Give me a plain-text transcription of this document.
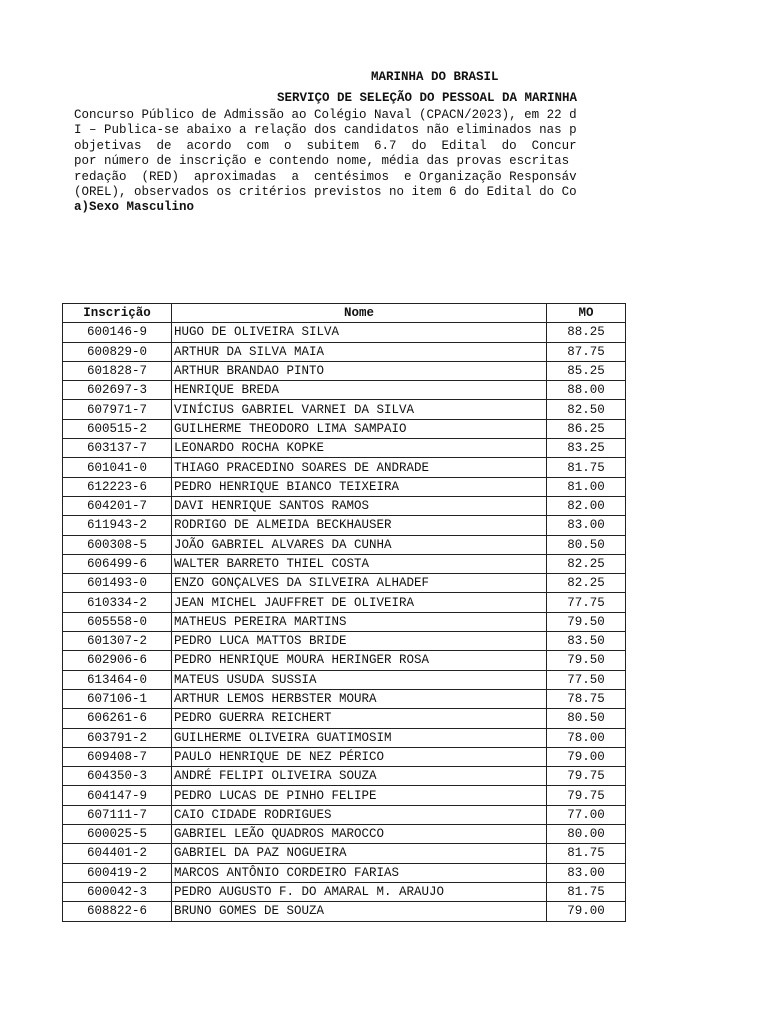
MARINHA DO BRASIL
SERVIÇO DE SELEÇÃO DO PESSOAL DA MARINHA
Concurso Público de Admissão ao Colégio Naval (CPACN/2023), em 22 d
I – Publica-se abaixo a relação dos candidatos não eliminados nas p
objetivas  de  acordo  com  o  subitem  6.7  do  Edital  do  Concur
por número de inscrição e contendo nome, média das provas escritas
redação  (RED)  aproximadas  a  centésimos  e Organização Responsáv
(OREL), observados os critérios previstos no item 6 do Edital do Co
a)Sexo Masculino
Inscrição	Nome	MO
600146-9	HUGO DE OLIVEIRA SILVA	88.25
600829-0	ARTHUR DA SILVA MAIA	87.75
601828-7	ARTHUR BRANDAO PINTO	85.25
602697-3	HENRIQUE BREDA	88.00
607971-7	VINÍCIUS GABRIEL VARNEI DA SILVA	82.50
600515-2	GUILHERME THEODORO LIMA SAMPAIO	86.25
603137-7	LEONARDO ROCHA KOPKE	83.25
601041-0	THIAGO PRACEDINO SOARES DE ANDRADE	81.75
612223-6	PEDRO HENRIQUE BIANCO TEIXEIRA	81.00
604201-7	DAVI HENRIQUE SANTOS RAMOS	82.00
611943-2	RODRIGO DE ALMEIDA BECKHAUSER	83.00
600308-5	JOÃO GABRIEL ALVARES DA CUNHA	80.50
606499-6	WALTER BARRETO THIEL COSTA	82.25
601493-0	ENZO GONÇALVES DA SILVEIRA ALHADEF	82.25
610334-2	JEAN MICHEL JAUFFRET DE OLIVEIRA	77.75
605558-0	MATHEUS PEREIRA MARTINS	79.50
601307-2	PEDRO LUCA MATTOS BRIDE	83.50
602906-6	PEDRO HENRIQUE MOURA HERINGER ROSA	79.50
613464-0	MATEUS USUDA SUSSIA	77.50
607106-1	ARTHUR LEMOS HERBSTER MOURA	78.75
606261-6	PEDRO GUERRA REICHERT	80.50
603791-2	GUILHERME OLIVEIRA GUATIMOSIM	78.00
609408-7	PAULO HENRIQUE DE NEZ PÉRICO	79.00
604350-3	ANDRÉ FELIPI OLIVEIRA SOUZA	79.75
604147-9	PEDRO LUCAS DE PINHO FELIPE	79.75
607111-7	CAIO CIDADE RODRIGUES	77.00
600025-5	GABRIEL LEÃO QUADROS MAROCCO	80.00
604401-2	GABRIEL DA PAZ NOGUEIRA	81.75
600419-2	MARCOS ANTÔNIO CORDEIRO FARIAS	83.00
600042-3	PEDRO AUGUSTO F. DO AMARAL M. ARAUJO	81.75
608822-6	BRUNO GOMES DE SOUZA	79.00
